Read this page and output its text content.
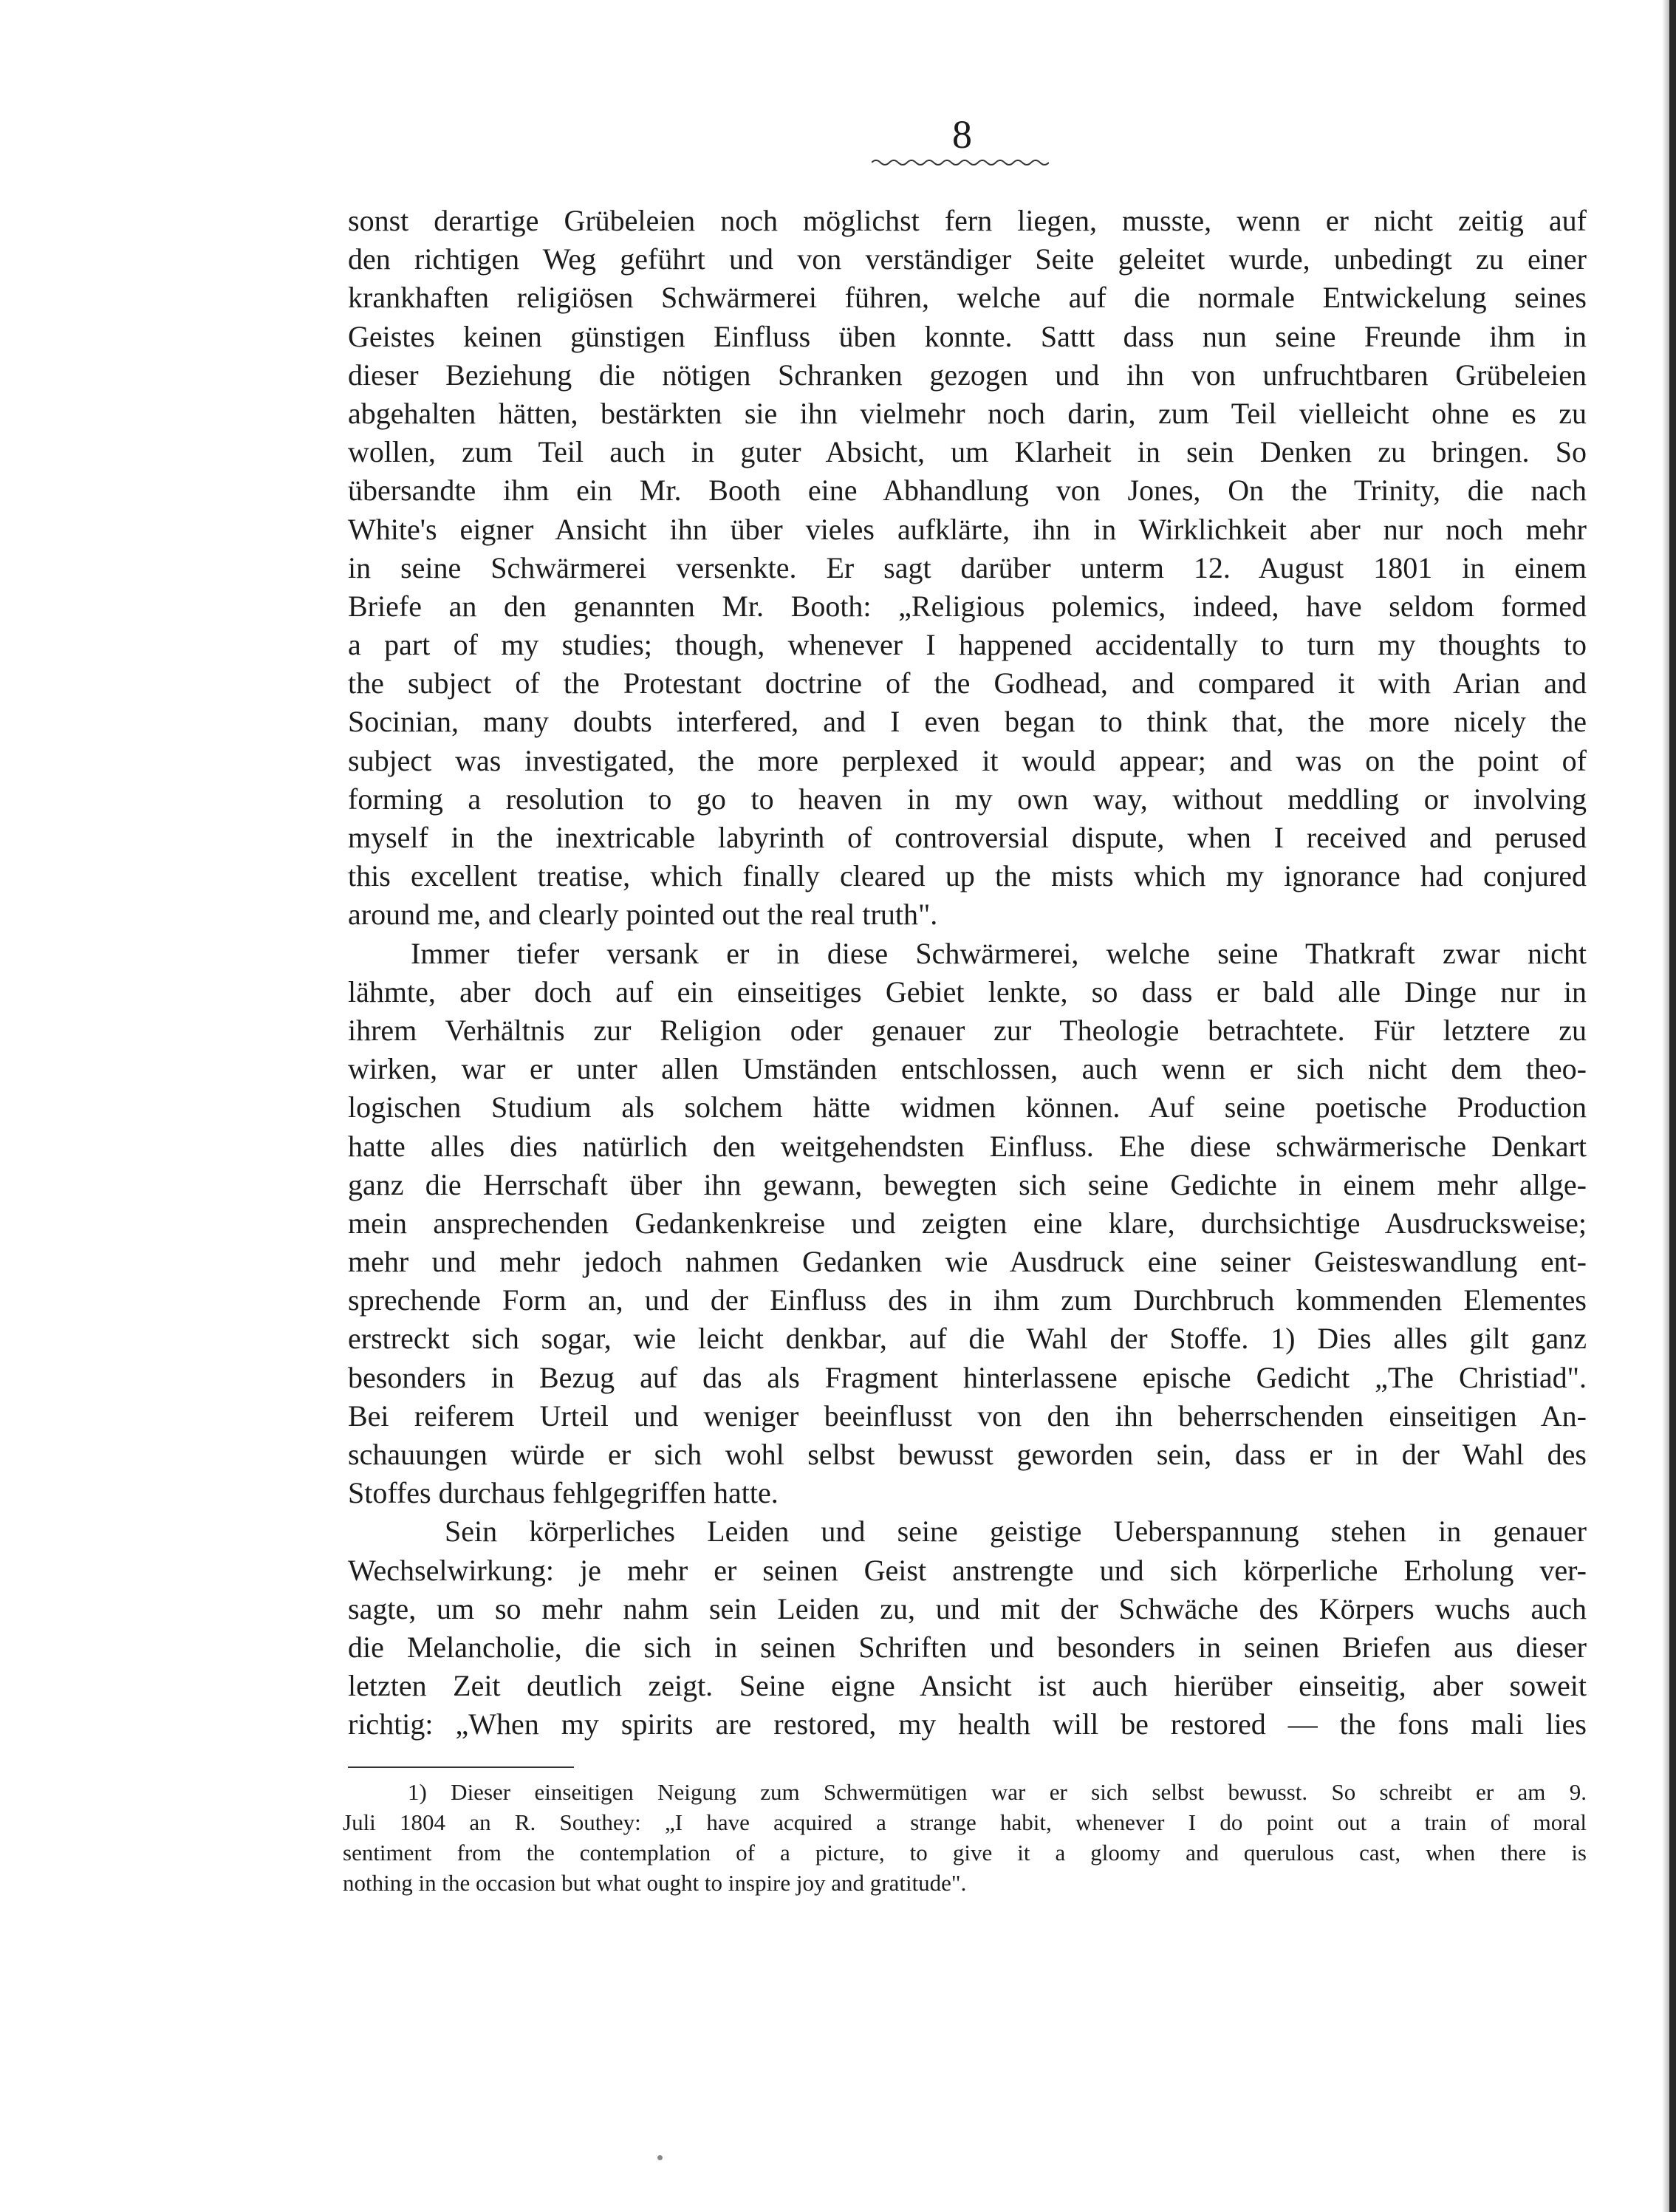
8
sonst derartige Grübeleien noch möglichst fern liegen, musste, wenn er nicht zeitig auf
den richtigen Weg geführt und von verständiger Seite geleitet wurde, unbedingt zu einer
krankhaften religiösen Schwärmerei führen, welche auf die normale Entwickelung seines
Geistes keinen günstigen Einfluss üben konnte. Sattt dass nun seine Freunde ihm in
dieser Beziehung die nötigen Schranken gezogen und ihn von unfruchtbaren Grübeleien
abgehalten hätten, bestärkten sie ihn vielmehr noch darin, zum Teil vielleicht ohne es zu
wollen, zum Teil auch in guter Absicht, um Klarheit in sein Denken zu bringen. So
übersandte ihm ein Mr. Booth eine Abhandlung von Jones, On the Trinity, die nach
White's eigner Ansicht ihn über vieles aufklärte, ihn in Wirklichkeit aber nur noch mehr
in seine Schwärmerei versenkte. Er sagt darüber unterm 12. August 1801 in einem
Briefe an den genannten Mr. Booth: „Religious polemics, indeed, have seldom formed
a part of my studies; though, whenever I happened accidentally to turn my thoughts to
the subject of the Protestant doctrine of the Godhead, and compared it with Arian and
Socinian, many doubts interfered, and I even began to think that, the more nicely the
subject was investigated, the more perplexed it would appear; and was on the point of
forming a resolution to go to heaven in my own way, without meddling or involving
myself in the inextricable labyrinth of controversial dispute, when I received and perused
this excellent treatise, which finally cleared up the mists which my ignorance had conjured
around me, and clearly pointed out the real truth".
Immer tiefer versank er in diese Schwärmerei, welche seine Thatkraft zwar nicht
lähmte, aber doch auf ein einseitiges Gebiet lenkte, so dass er bald alle Dinge nur in
ihrem Verhältnis zur Religion oder genauer zur Theologie betrachtete. Für letztere zu
wirken, war er unter allen Umständen entschlossen, auch wenn er sich nicht dem theo-
logischen Studium als solchem hätte widmen können. Auf seine poetische Production
hatte alles dies natürlich den weitgehendsten Einfluss. Ehe diese schwärmerische Denkart
ganz die Herrschaft über ihn gewann, bewegten sich seine Gedichte in einem mehr allge-
mein ansprechenden Gedankenkreise und zeigten eine klare, durchsichtige Ausdrucksweise;
mehr und mehr jedoch nahmen Gedanken wie Ausdruck eine seiner Geisteswandlung ent-
sprechende Form an, und der Einfluss des in ihm zum Durchbruch kommenden Elementes
erstreckt sich sogar, wie leicht denkbar, auf die Wahl der Stoffe. 1) Dies alles gilt ganz
besonders in Bezug auf das als Fragment hinterlassene epische Gedicht „The Christiad".
Bei reiferem Urteil und weniger beeinflusst von den ihn beherrschenden einseitigen An-
schauungen würde er sich wohl selbst bewusst geworden sein, dass er in der Wahl des
Stoffes durchaus fehlgegriffen hatte.
Sein körperliches Leiden und seine geistige Ueberspannung stehen in genauer
Wechselwirkung: je mehr er seinen Geist anstrengte und sich körperliche Erholung ver-
sagte, um so mehr nahm sein Leiden zu, und mit der Schwäche des Körpers wuchs auch
die Melancholie, die sich in seinen Schriften und besonders in seinen Briefen aus dieser
letzten Zeit deutlich zeigt. Seine eigne Ansicht ist auch hierüber einseitig, aber soweit
richtig: „When my spirits are restored, my health will be restored — the fons mali lies
1) Dieser einseitigen Neigung zum Schwermütigen war er sich selbst bewusst. So schreibt er am 9.
Juli 1804 an R. Southey: „I have acquired a strange habit, whenever I do point out a train of moral
sentiment from the contemplation of a picture, to give it a gloomy and querulous cast, when there is
nothing in the occasion but what ought to inspire joy and gratitude".
